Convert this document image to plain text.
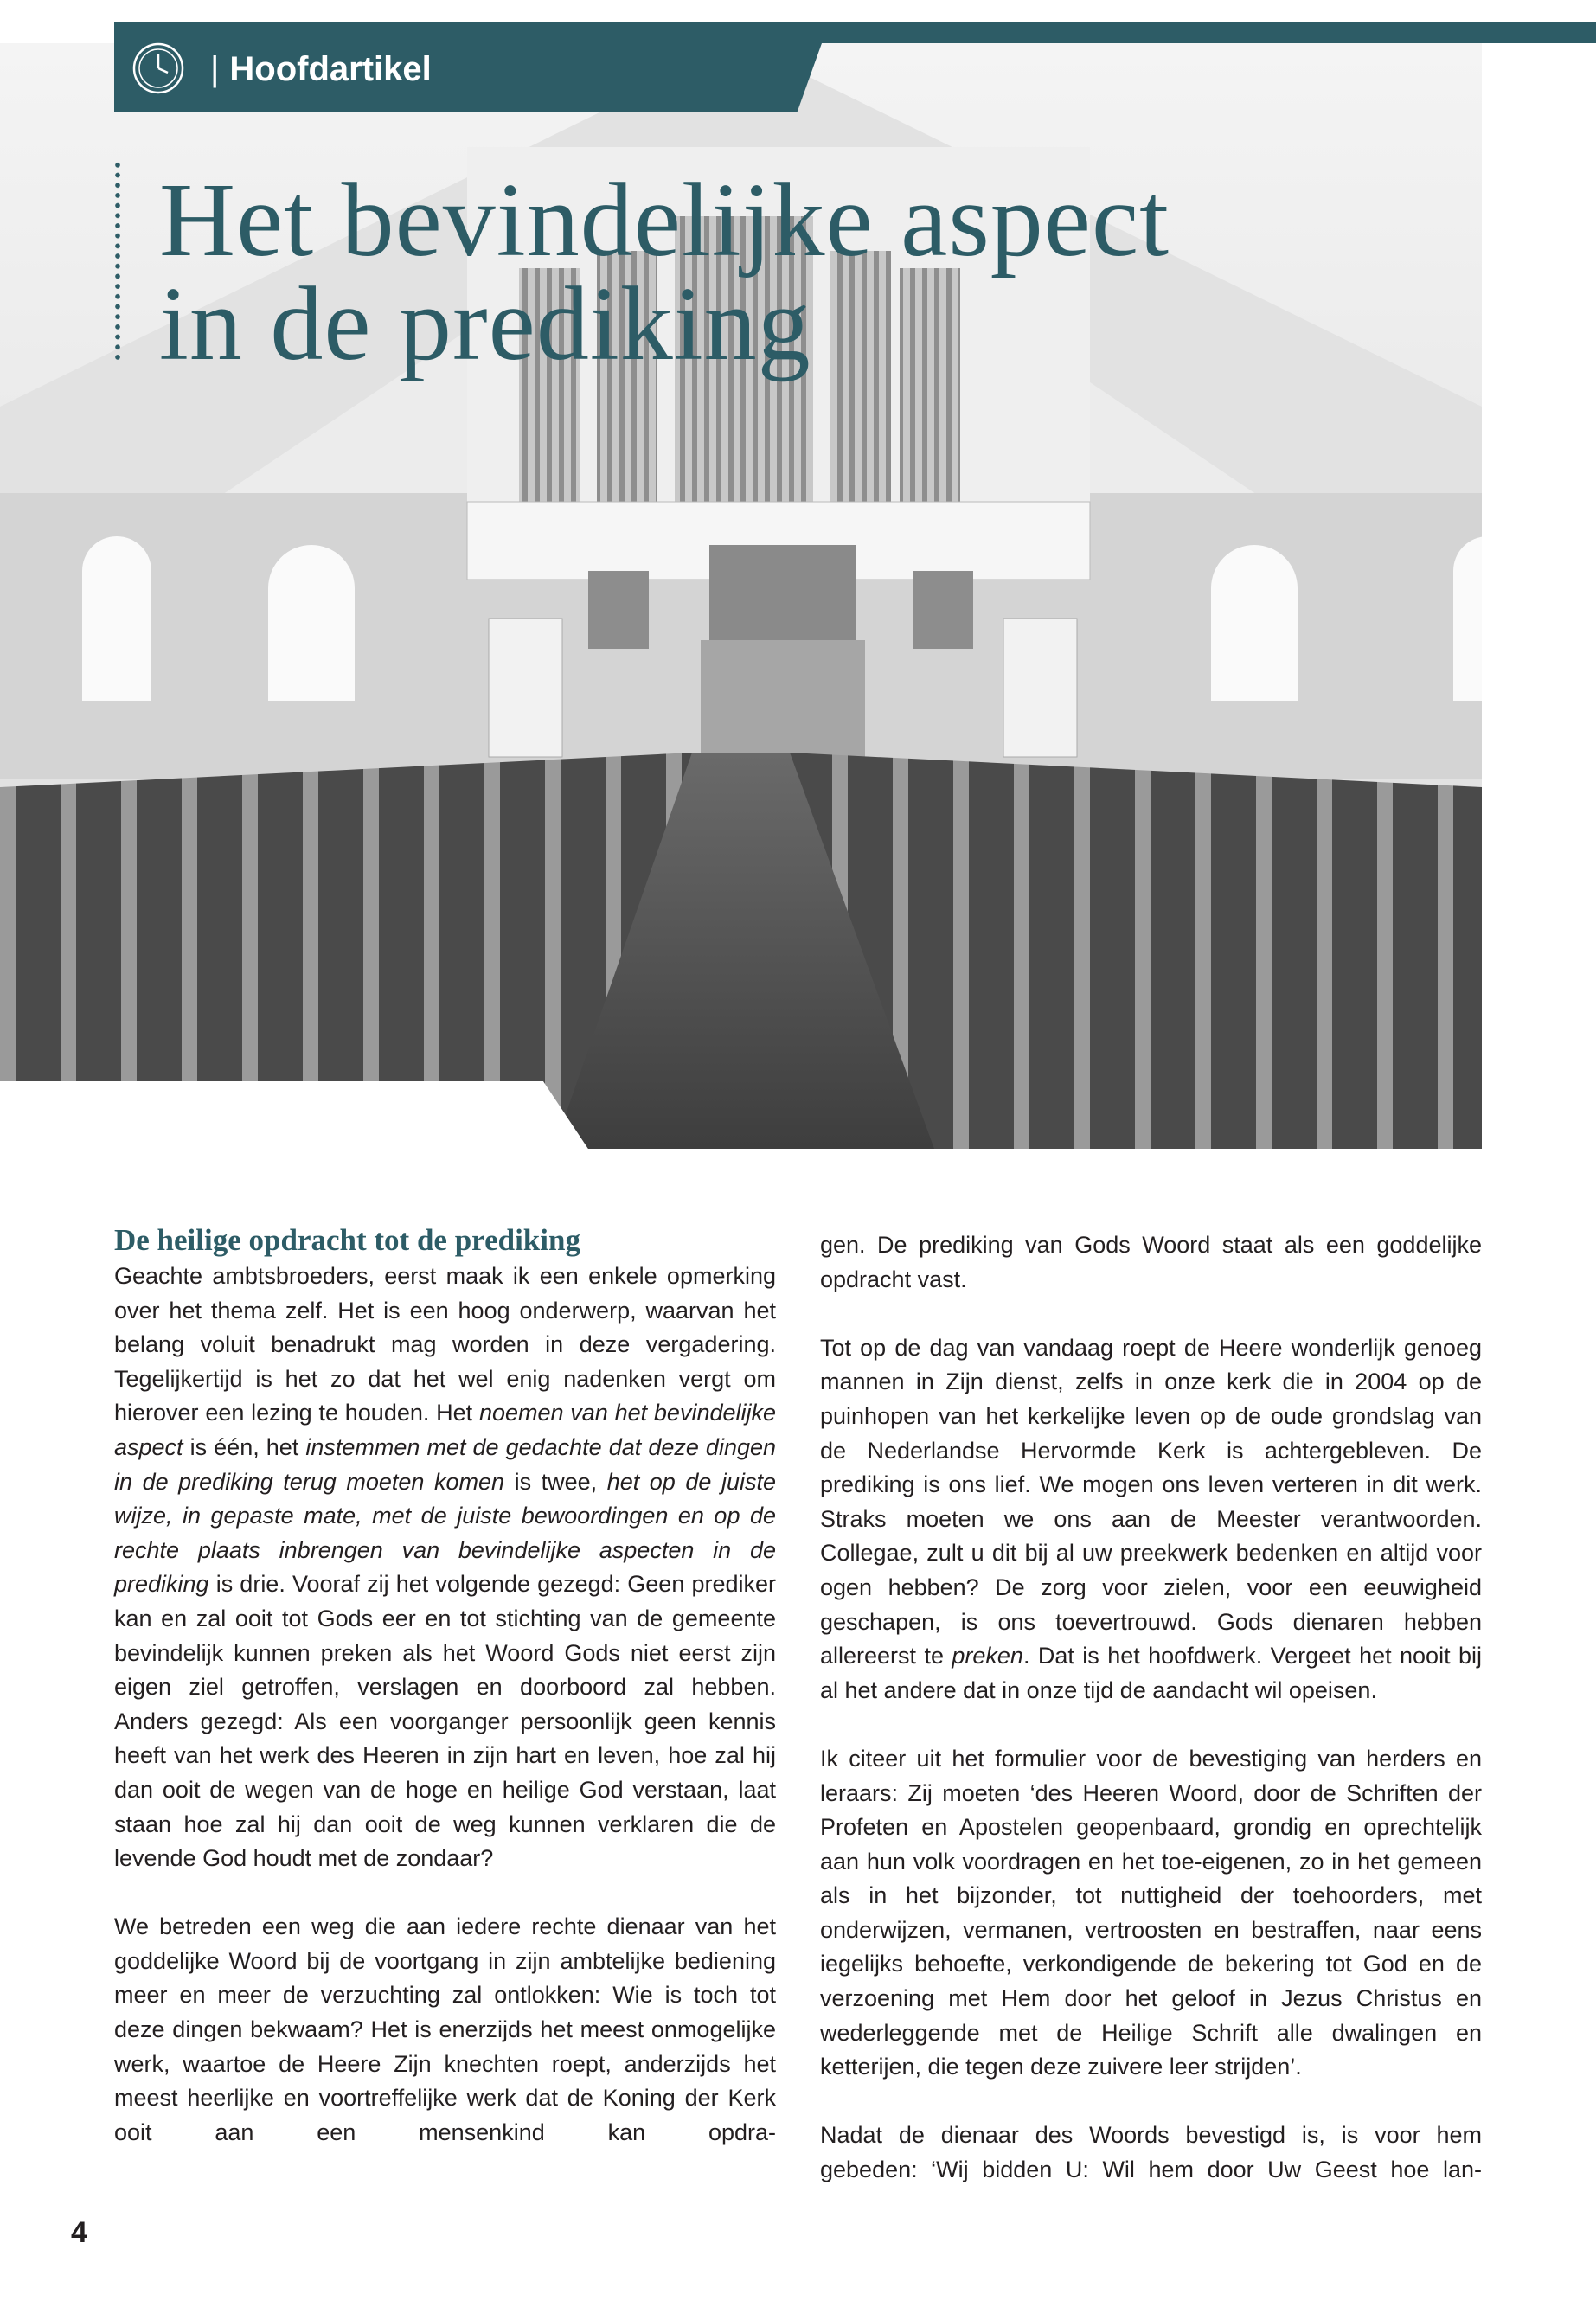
| Hoofdartikel
Het bevindelijke aspect
in de prediking
De heilige opdracht tot de prediking

Geachte ambtsbroeders, eerst maak ik een enkele opmerking over het thema zelf. Het is een hoog onderwerp, waarvan het belang voluit benadrukt mag worden in deze vergadering. Tegelijkertijd is het zo dat het wel enig nadenken vergt om hierover een lezing te houden. Het noemen van het bevindelijke aspect is één, het instemmen met de gedachte dat deze dingen in de prediking terug moeten komen is twee, het op de juiste wijze, in gepaste mate, met de juiste bewoordingen en op de rechte plaats inbrengen van bevindelijke aspecten in de prediking is drie. Vooraf zij het volgende gezegd: Geen prediker kan en zal ooit tot Gods eer en tot stichting van de gemeente bevindelijk kunnen preken als het Woord Gods niet eerst zijn eigen ziel getroffen, verslagen en doorboord zal hebben. Anders gezegd: Als een voorganger persoonlijk geen kennis heeft van het werk des Heeren in zijn hart en leven, hoe zal hij dan ooit de wegen van de hoge en heilige God verstaan, laat staan hoe zal hij dan ooit de weg kunnen verklaren die de levende God houdt met de zondaar?

We betreden een weg die aan iedere rechte dienaar van het goddelijke Woord bij de voortgang in zijn ambtelijke bediening meer en meer de verzuchting zal ontlokken: Wie is toch tot deze dingen bekwaam? Het is enerzijds het meest onmogelijke werk, waartoe de Heere Zijn knechten roept, anderzijds het meest heerlijke en voortreffelijke werk dat de Koning der Kerk ooit aan een mensenkind kan opdra-

gen. De prediking van Gods Woord staat als een goddelijke opdracht vast.

Tot op de dag van vandaag roept de Heere wonderlijk genoeg mannen in Zijn dienst, zelfs in onze kerk die in 2004 op de puinhopen van het kerkelijke leven op de oude grondslag van de Nederlandse Hervormde Kerk is achtergebleven. De prediking is ons lief. We mogen ons leven verteren in dit werk. Straks moeten we ons aan de Meester verantwoorden. Collegae, zult u dit bij al uw preekwerk bedenken en altijd voor ogen hebben? De zorg voor zielen, voor een eeuwigheid geschapen, is ons toevertrouwd. Gods dienaren hebben allereerst te preken. Dat is het hoofdwerk. Vergeet het nooit bij al het andere dat in onze tijd de aandacht wil opeisen.

Ik citeer uit het formulier voor de bevestiging van herders en leraars: Zij moeten ‘des Heeren Woord, door de Schriften der Profeten en Apostelen geopenbaard, grondig en oprechtelijk aan hun volk voordragen en het toe-eigenen, zo in het gemeen als in het bijzonder, tot nuttigheid der toehoorders, met onderwijzen, vermanen, vertroosten en bestraffen, naar eens iegelijks behoefte, verkondigende de bekering tot God en de verzoening met Hem door het geloof in Jezus Christus en wederleggende met de Heilige Schrift alle dwalingen en ketterijen, die tegen deze zuivere leer strijden’.

Nadat de dienaar des Woords bevestigd is, is voor hem gebeden: ‘Wij bidden U: Wil hem door Uw Geest hoe lan-

4
